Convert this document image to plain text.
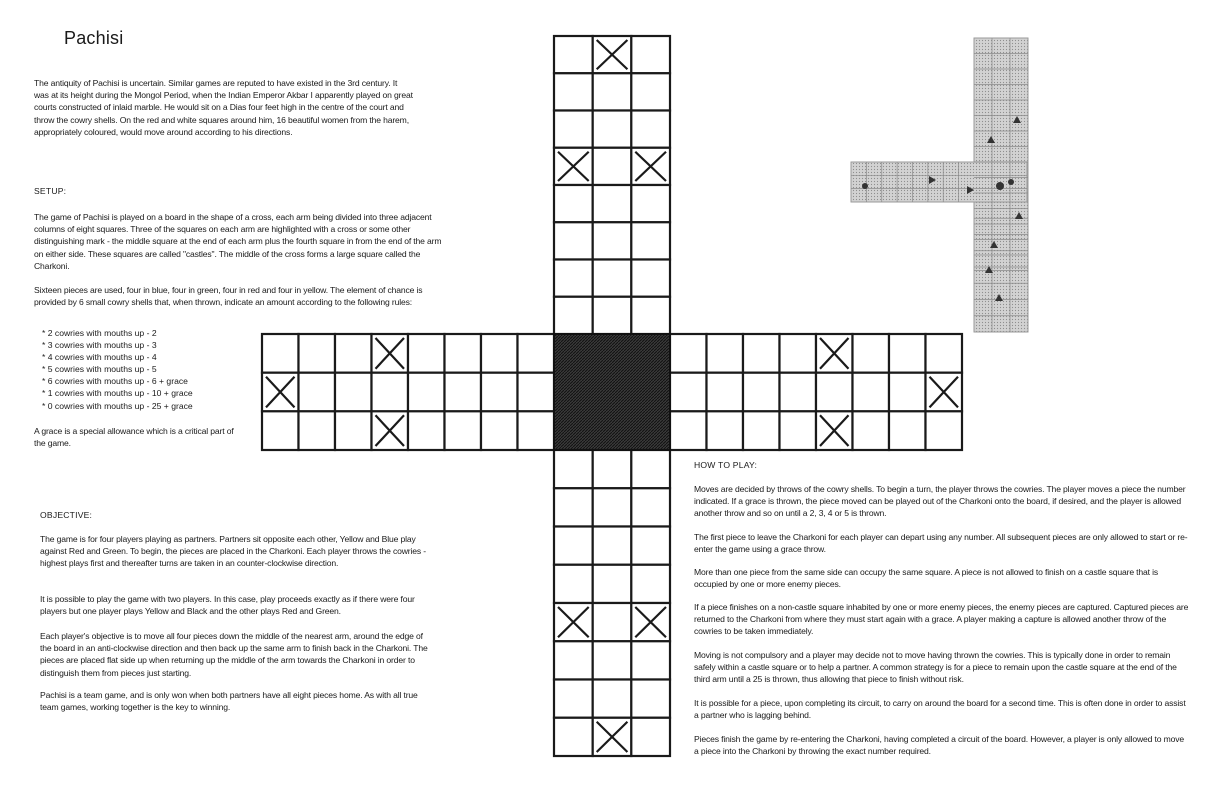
Pachisi
The antiquity of Pachisi is uncertain. Similar games are reputed to have existed in the 3rd century. It was at its height during the Mongol Period, when the Indian Emperor Akbar I apparently played on great courts constructed of inlaid marble. He would sit on a Dias four feet high in the centre of the court and throw the cowry shells. On the red and white squares around him, 16 beautiful women from the harem, appropriately coloured, would move around according to his directions.
SETUP:
The game of Pachisi is played on a board in the shape of a cross, each arm being divided into three adjacent columns of eight squares. Three of the squares on each arm are highlighted with a cross or some other distinguishing mark - the middle square at the end of each arm plus the fourth square in from the end of the arm on either side. These squares are called "castles". The middle of the cross forms a large square called the Charkoni.
Sixteen pieces are used, four in blue, four in green, four in red and four in yellow. The element of chance is provided by 6 small cowry shells that, when thrown, indicate an amount according to the following rules:
* 2 cowries with mouths up - 2
* 3 cowries with mouths up - 3
* 4 cowries with mouths up - 4
* 5 cowries with mouths up - 5
* 6 cowries with mouths up - 6 + grace
* 1 cowries with mouths up - 10 + grace
* 0 cowries with mouths up - 25 + grace
A grace is a special allowance which is a critical part of the game.
OBJECTIVE:
The game is for four players playing as partners. Partners sit opposite each other, Yellow and Blue play against Red and Green. To begin, the pieces are placed in the Charkoni. Each player throws the cowries - highest plays first and thereafter turns are taken in an counter-clockwise direction.
It is possible to play the game with two players. In this case, play proceeds exactly as if there were four players but one player plays Yellow and Black and the other plays Red and Green.
Each player's objective is to move all four pieces down the middle of the nearest arm, around the edge of the board in an anti-clockwise direction and then back up the same arm to finish back in the Charkoni. The pieces are placed flat side up when returning up the middle of the arm towards the Charkoni in order to distinguish them from pieces just starting.
Pachisi is a team game, and is only won when both partners have all eight pieces home. As with all true team games, working together is the key to winning.
HOW TO PLAY:
Moves are decided by throws of the cowry shells. To begin a turn, the player throws the cowries. The player moves a piece the number indicated. If a grace is thrown, the piece moved can be played out of the Charkoni onto the board, if desired, and the player is allowed another throw and so on until a 2, 3, 4 or 5 is thrown.
The first piece to leave the Charkoni for each player can depart using any number. All subsequent pieces are only allowed to start or re-enter the game using a grace throw.
More than one piece from the same side can occupy the same square. A piece is not allowed to finish on a castle square that is occupied by one or more enemy pieces.
If a piece finishes on a non-castle square inhabited by one or more enemy pieces, the enemy pieces are captured. Captured pieces are returned to the Charkoni from where they must start again with a grace. A player making a capture is allowed another throw of the cowries to be taken immediately.
Moving is not compulsory and a player may decide not to move having thrown the cowries. This is typically done in order to remain safely within a castle square or to help a partner. A common strategy is for a piece to remain upon the castle square at the end of the third arm until a 25 is thrown, thus allowing that piece to finish without risk.
It is possible for a piece, upon completing its circuit, to carry on around the board for a second time. This is often done in order to assist a partner who is lagging behind.
Pieces finish the game by re-entering the Charkoni, having completed a circuit of the board. However, a player is only allowed to move a piece into the Charkoni by throwing the exact number required.
